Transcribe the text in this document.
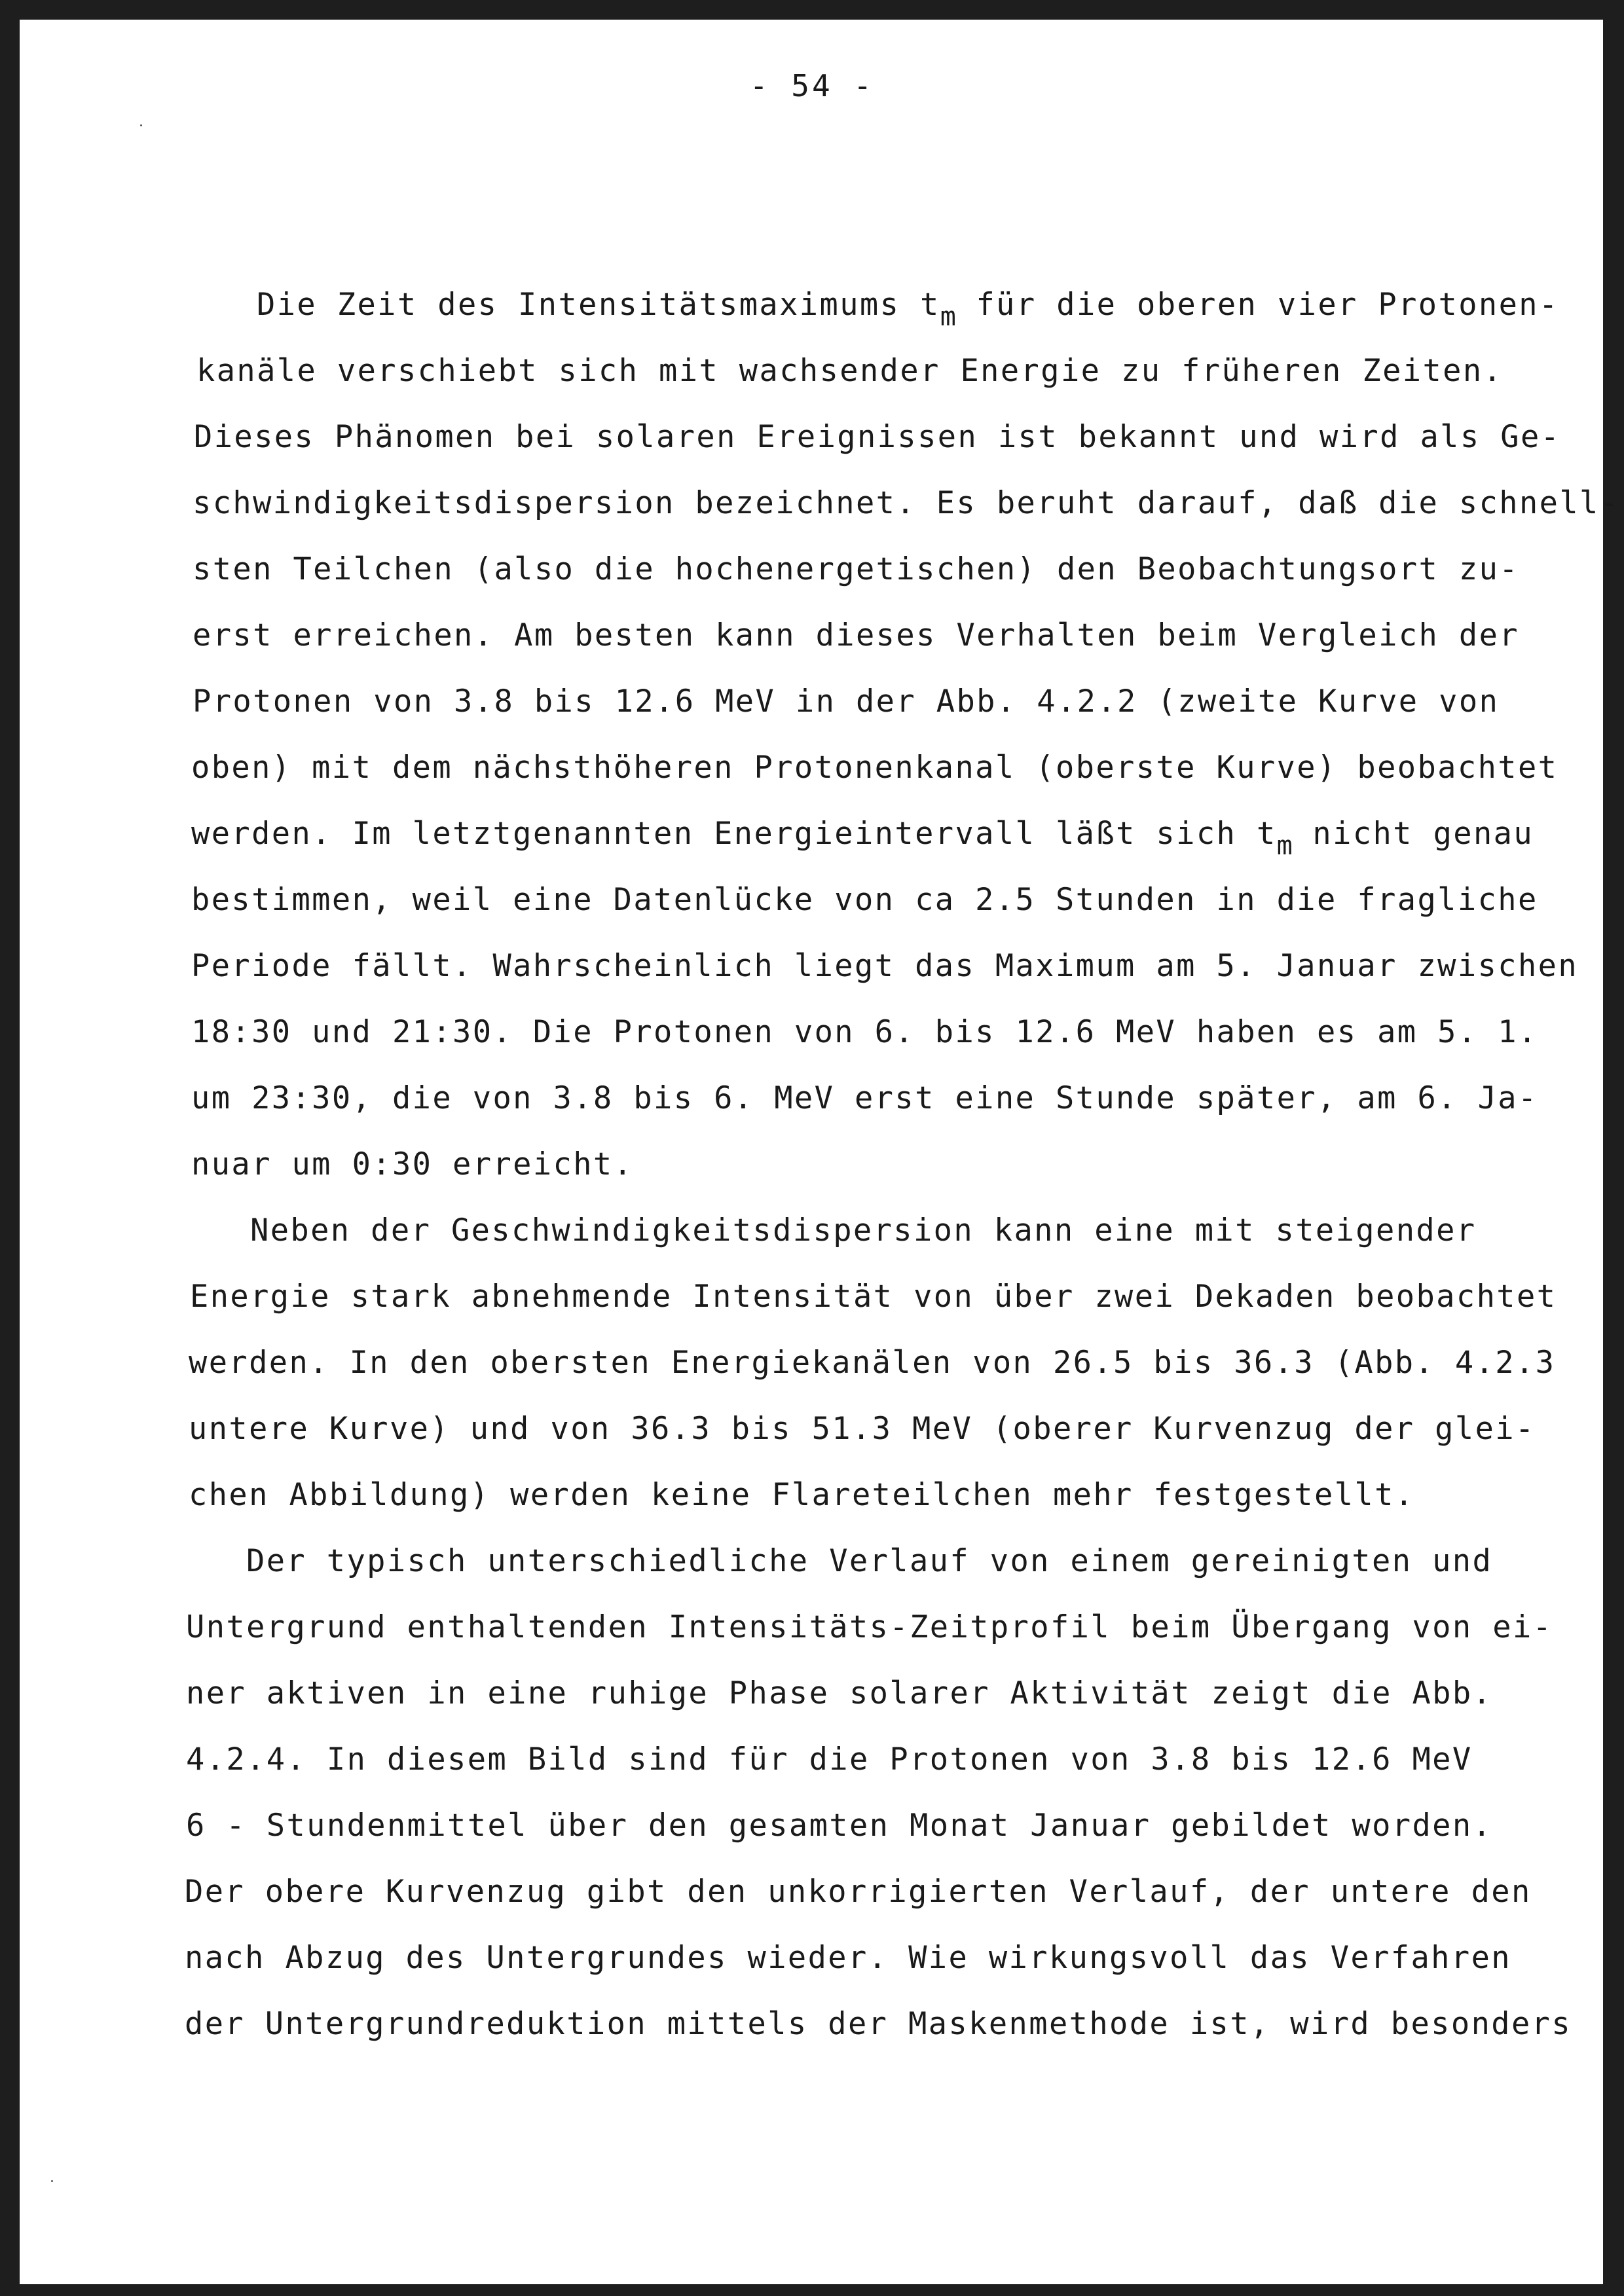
- 54 -
Die Zeit des Intensitätsmaximums tm für die oberen vier Protonen-
kanäle verschiebt sich mit wachsender Energie zu früheren Zeiten.
Dieses Phänomen bei solaren Ereignissen ist bekannt und wird als Ge-
schwindigkeitsdispersion bezeichnet. Es beruht darauf, daß die schnell-
sten Teilchen (also die hochenergetischen) den Beobachtungsort zu-
erst erreichen. Am besten kann dieses Verhalten beim Vergleich der
Protonen von 3.8 bis 12.6 MeV in der Abb. 4.2.2 (zweite Kurve von
oben) mit dem nächsthöheren Protonenkanal (oberste Kurve) beobachtet
werden. Im letztgenannten Energieintervall läßt sich tm nicht genau
bestimmen, weil eine Datenlücke von ca 2.5 Stunden in die fragliche
Periode fällt. Wahrscheinlich liegt das Maximum am 5. Januar zwischen
18:30 und 21:30. Die Protonen von 6. bis 12.6 MeV haben es am 5. 1.
um 23:30, die von 3.8 bis 6. MeV erst eine Stunde später, am 6. Ja-
nuar um 0:30 erreicht.
Neben der Geschwindigkeitsdispersion kann eine mit steigender
Energie stark abnehmende Intensität von über zwei Dekaden beobachtet
werden. In den obersten Energiekanälen von 26.5 bis 36.3 (Abb. 4.2.3
untere Kurve) und von 36.3 bis 51.3 MeV (oberer Kurvenzug der glei-
chen Abbildung) werden keine Flareteilchen mehr festgestellt.
Der typisch unterschiedliche Verlauf von einem gereinigten und
Untergrund enthaltenden Intensitäts-Zeitprofil beim Übergang von ei-
ner aktiven in eine ruhige Phase solarer Aktivität zeigt die Abb.
4.2.4. In diesem Bild sind für die Protonen von 3.8 bis 12.6 MeV
6 - Stundenmittel über den gesamten Monat Januar gebildet worden.
Der obere Kurvenzug gibt den unkorrigierten Verlauf, der untere den
nach Abzug des Untergrundes wieder. Wie wirkungsvoll das Verfahren
der Untergrundreduktion mittels der Maskenmethode ist, wird besonders
